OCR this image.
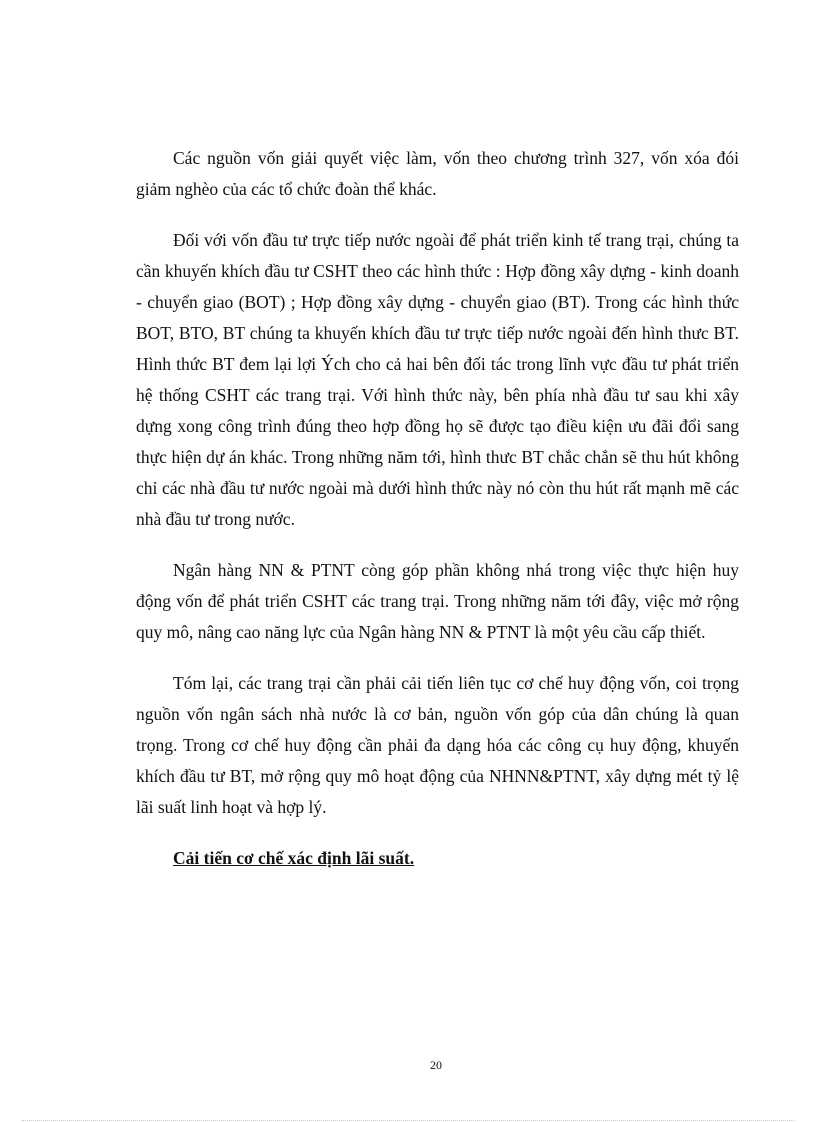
Các nguồn vốn giải quyết việc làm, vốn theo chương trình 327, vốn xóa đói giảm nghèo của các tổ chức đoàn thể khác.

Đối với vốn đầu tư trực tiếp nước ngoài để phát triển kinh tế trang trại, chúng ta cần khuyến khích đầu tư CSHT theo các hình thức : Hợp đồng xây dựng - kinh doanh - chuyển giao (BOT) ; Hợp đồng xây dựng - chuyển giao (BT). Trong các hình thức BOT, BTO, BT chúng ta khuyến khích đầu tư trực tiếp nước ngoài đến hình thưc BT. Hình thức BT đem lại lợi Ých cho cả hai bên đối tác trong lĩnh vực đầu tư phát triển hệ thống CSHT các trang trại. Với hình thức này, bên phía nhà đầu tư sau khi xây dựng xong công trình đúng theo hợp đồng họ sẽ được tạo điều kiện ưu đãi đổi sang thực hiện dự án khác. Trong những năm tới, hình thưc BT chắc chắn sẽ thu hút không chỉ các nhà đầu tư nước ngoài mà dưới hình thức này nó còn thu hút rất mạnh mẽ các nhà đầu tư trong nước.

Ngân hàng NN & PTNT còng góp phần không nhá trong việc thực hiện huy động vốn để phát triển CSHT các trang trại. Trong những năm tới đây, việc mở rộng quy mô, nâng cao năng lực của Ngân hàng NN & PTNT là một yêu cầu cấp thiết.

Tóm lại, các trang trại cần phải cải tiến liên tục cơ chế huy động vốn, coi trọng nguồn vốn ngân sách nhà nước là cơ bản, nguồn vốn góp của dân chúng là quan trọng. Trong cơ chế huy động cần phải đa dạng hóa các công cụ huy động, khuyến khích đầu tư BT, mở rộng quy mô hoạt động của NHNN&PTNT, xây dựng mét tỷ lệ lãi suất linh hoạt và hợp lý.

Cải tiến cơ chế xác định lãi suất.

20
